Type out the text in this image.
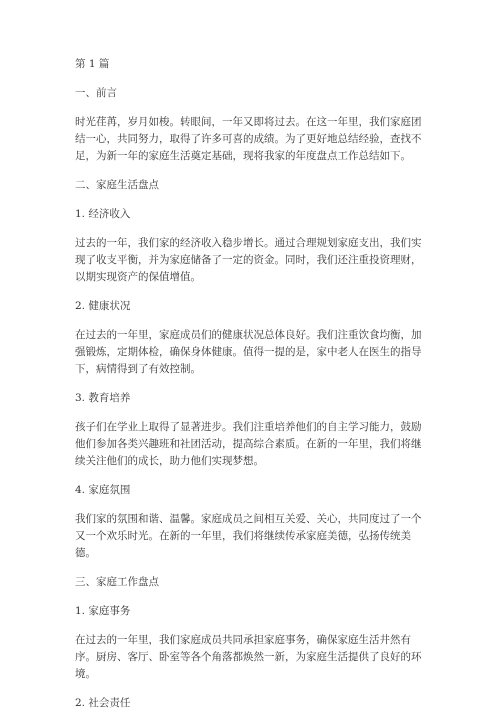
第 1 篇
一、前言
时光荏苒，岁月如梭。转眼间，一年又即将过去。在这一年里，我们家庭团结一心，共同努力，取得了许多可喜的成绩。为了更好地总结经验，查找不足，为新一年的家庭生活奠定基础，现将我家的年度盘点工作总结如下。
二、家庭生活盘点
1. 经济收入
过去的一年，我们家的经济收入稳步增长。通过合理规划家庭支出，我们实现了收支平衡，并为家庭储备了一定的资金。同时，我们还注重投资理财，以期实现资产的保值增值。
2. 健康状况
在过去的一年里，家庭成员们的健康状况总体良好。我们注重饮食均衡，加强锻炼，定期体检，确保身体健康。值得一提的是，家中老人在医生的指导下，病情得到了有效控制。
3. 教育培养
孩子们在学业上取得了显著进步。我们注重培养他们的自主学习能力，鼓励他们参加各类兴趣班和社团活动，提高综合素质。在新的一年里，我们将继续关注他们的成长，助力他们实现梦想。
4. 家庭氛围
我们家的氛围和谐、温馨。家庭成员之间相互关爱、关心，共同度过了一个又一个欢乐时光。在新的一年里，我们将继续传承家庭美德，弘扬传统美德。
三、家庭工作盘点
1. 家庭事务
在过去的一年里，我们家庭成员共同承担家庭事务，确保家庭生活井然有序。厨房、客厅、卧室等各个角落都焕然一新，为家庭生活提供了良好的环境。
2. 社会责任
